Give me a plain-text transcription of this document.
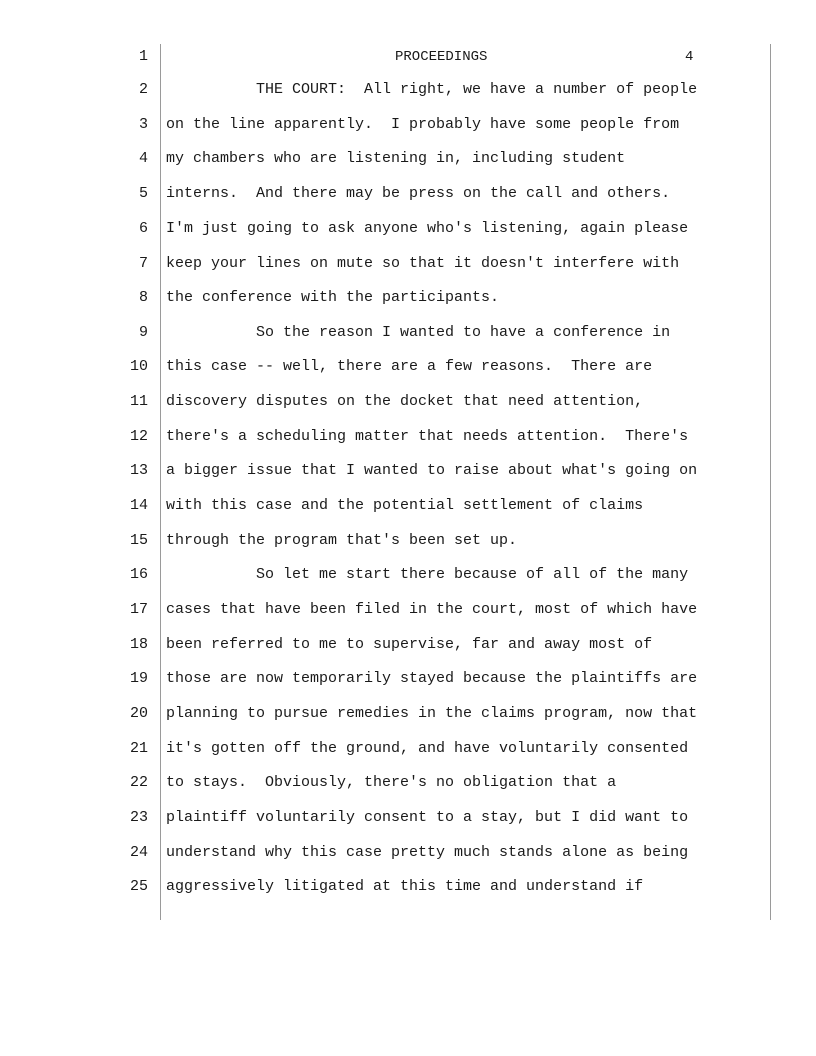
1	PROCEEDINGS	4
2 THE COURT:  All right, we have a number of people
3 on the line apparently.  I probably have some people from
4 my chambers who are listening in, including student
5 interns.  And there may be press on the call and others.
6 I'm just going to ask anyone who's listening, again please
7 keep your lines on mute so that it doesn't interfere with
8 the conference with the participants.
9 So the reason I wanted to have a conference in
10 this case -- well, there are a few reasons.  There are
11 discovery disputes on the docket that need attention,
12 there's a scheduling matter that needs attention.  There's
13 a bigger issue that I wanted to raise about what's going on
14 with this case and the potential settlement of claims
15 through the program that's been set up.
16 So let me start there because of all of the many
17 cases that have been filed in the court, most of which have
18 been referred to me to supervise, far and away most of
19 those are now temporarily stayed because the plaintiffs are
20 planning to pursue remedies in the claims program, now that
21 it's gotten off the ground, and have voluntarily consented
22 to stays.  Obviously, there's no obligation that a
23 plaintiff voluntarily consent to a stay, but I did want to
24 understand why this case pretty much stands alone as being
25 aggressively litigated at this time and understand if
